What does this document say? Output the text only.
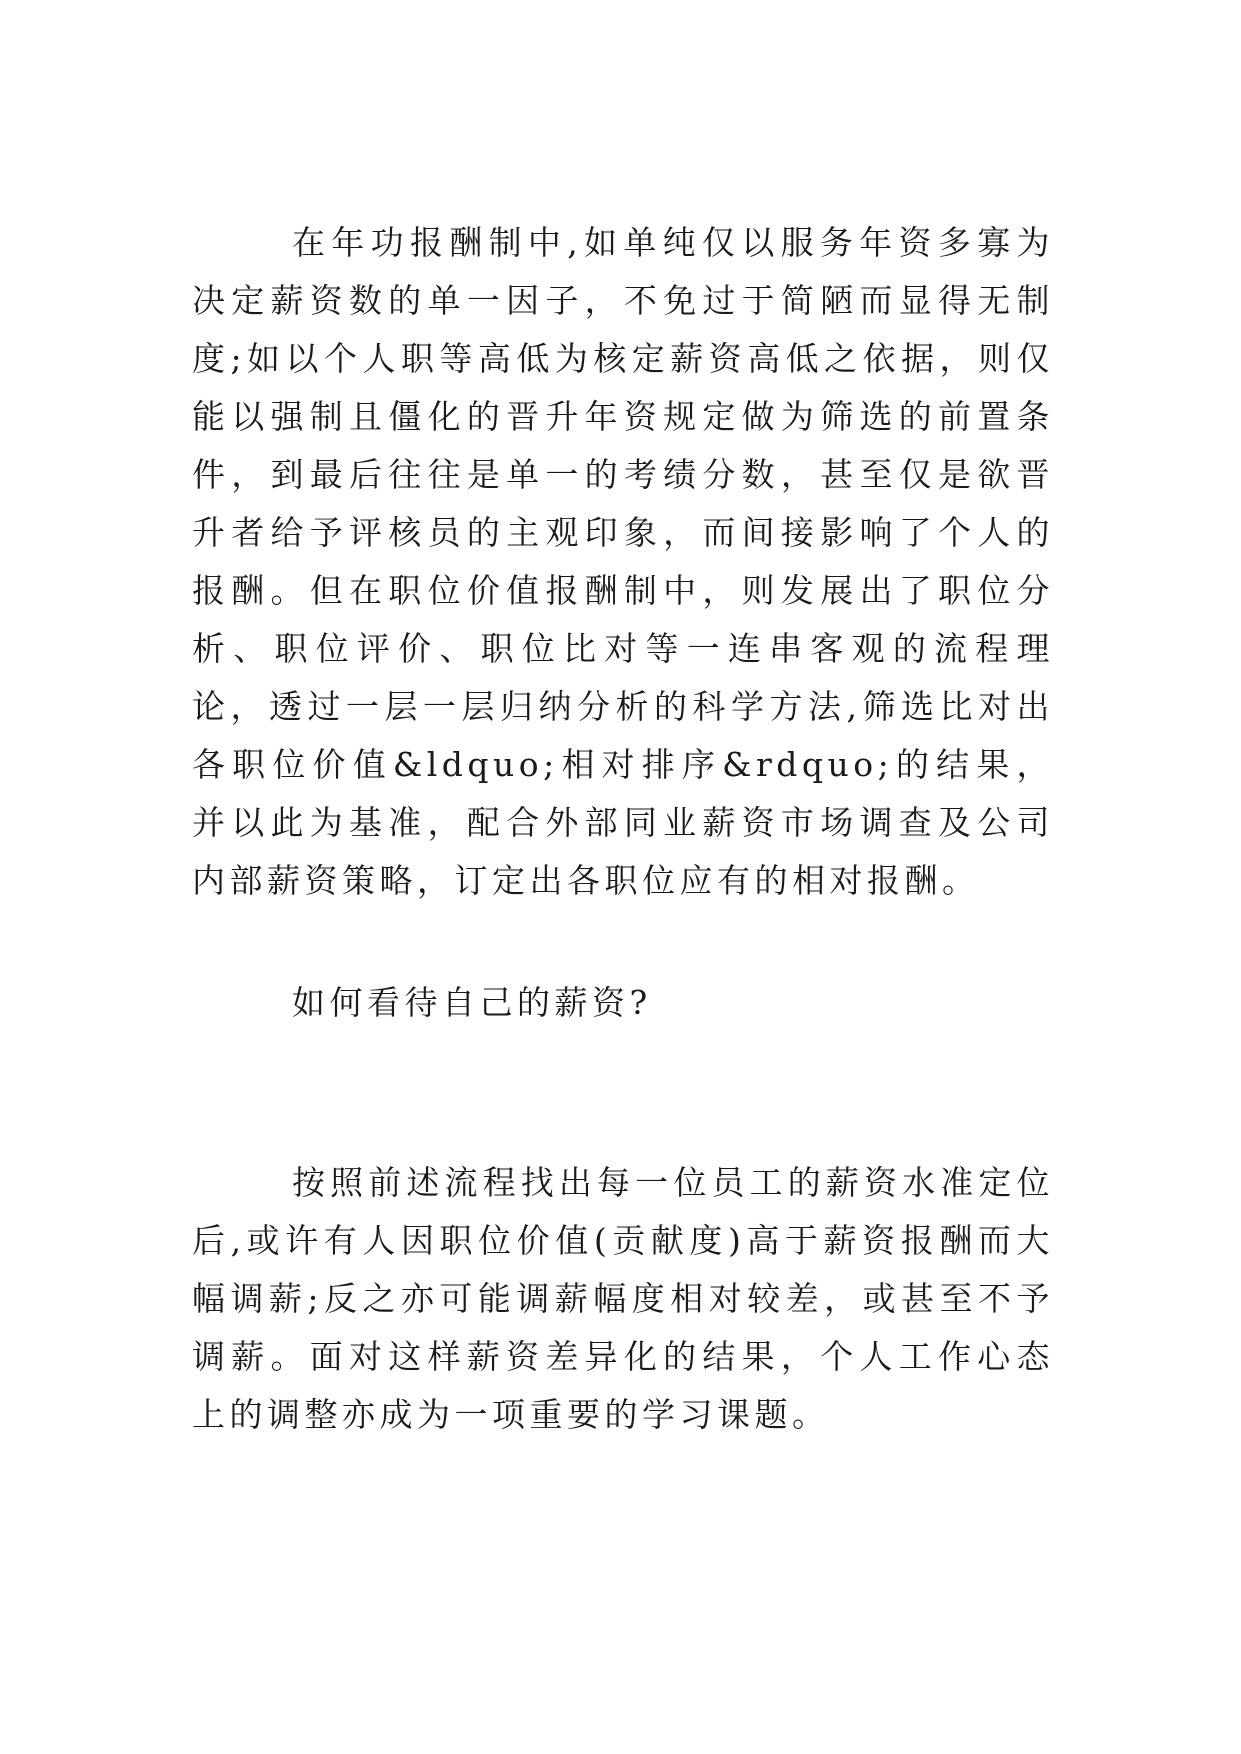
在年功报酬制中,如单纯仅以服务年资多寡为决定薪资数的单一因子，不免过于简陋而显得无制度;如以个人职等高低为核定薪资高低之依据，则仅能以强制且僵化的晋升年资规定做为筛选的前置条件，到最后往往是单一的考绩分数，甚至仅是欲晋升者给予评核员的主观印象，而间接影响了个人的报酬。但在职位价值报酬制中，则发展出了职位分析、职位评价、职位比对等一连串客观的流程理论，透过一层一层归纳分析的科学方法,筛选比对出各职位价值&ldquo;相对排序&rdquo;的结果，并以此为基准，配合外部同业薪资市场调查及公司内部薪资策略，订定出各职位应有的相对报酬。

如何看待自己的薪资?

按照前述流程找出每一位员工的薪资水准定位后,或许有人因职位价值(贡献度)高于薪资报酬而大幅调薪;反之亦可能调薪幅度相对较差，或甚至不予调薪。面对这样薪资差异化的结果，个人工作心态上的调整亦成为一项重要的学习课题。
